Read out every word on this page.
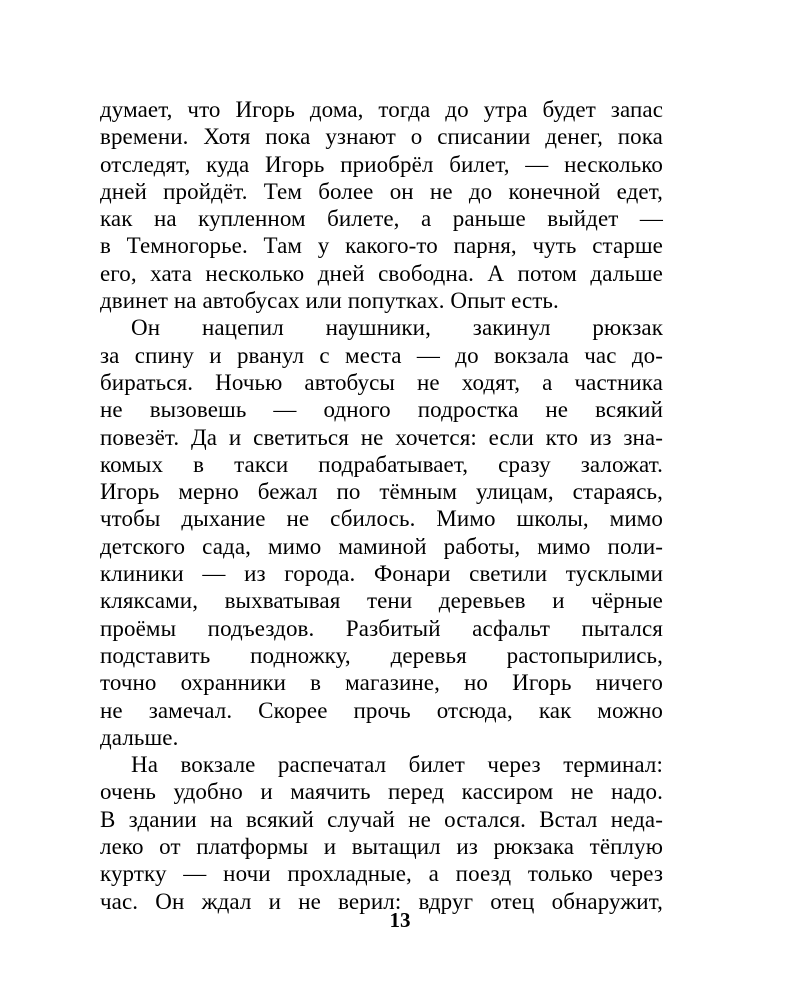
думает, что Игорь дома, тогда до утра будет запас
времени. Хотя пока узнают о списании денег, пока
отследят, куда Игорь приобрёл билет, — несколько
дней пройдёт. Тем более он не до конечной едет,
как на купленном билете, а раньше выйдет —
в Темногорье. Там у какого-то парня, чуть старше
его, хата несколько дней свободна. А потом дальше
двинет на автобусах или попутках. Опыт есть.
Он нацепил наушники, закинул рюкзак
за спину и рванул с места — до вокзала час до-
бираться. Ночью автобусы не ходят, а частника
не вызовешь — одного подростка не всякий
повезёт. Да и светиться не хочется: если кто из зна-
комых в такси подрабатывает, сразу заложат.
Игорь мерно бежал по тёмным улицам, стараясь,
чтобы дыхание не сбилось. Мимо школы, мимо
детского сада, мимо маминой работы, мимо поли-
клиники — из города. Фонари светили тусклыми
кляксами, выхватывая тени деревьев и чёрные
проёмы подъездов. Разбитый асфальт пытался
подставить подножку, деревья растопырились,
точно охранники в магазине, но Игорь ничего
не замечал. Скорее прочь отсюда, как можно
дальше.
На вокзале распечатал билет через терминал:
очень удобно и маячить перед кассиром не надо.
В здании на всякий случай не остался. Встал неда-
леко от платформы и вытащил из рюкзака тёплую
куртку — ночи прохладные, а поезд только через
час. Он ждал и не верил: вдруг отец обнаружит,
13
